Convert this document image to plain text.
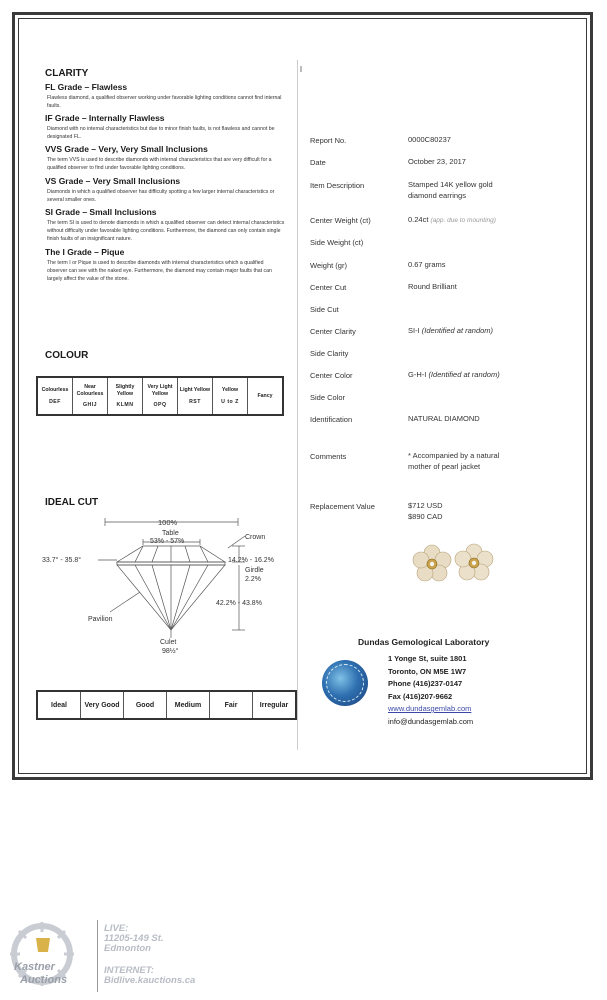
CLARITY
FL Grade – Flawless
Flawless diamond, a qualified observer working under favorable lighting conditions cannot find internal faults.
IF Grade – Internally Flawless
Diamond with no internal characteristics but due to minor finish faults, is not flawless and cannot be designated FL.
VVS Grade – Very, Very Small Inclusions
The term VVS is used to describe diamonds with internal characteristics that are very difficult for a qualified observer to find under favorable lighting conditions.
VS Grade – Very Small Inclusions
Diamonds in which a qualified observer has difficulty spotting a few larger internal characteristics or several smaller ones.
SI Grade – Small Inclusions
The term SI is used to denote diamonds in which a qualified observer can detect internal characteristics without difficulty under favorable lighting conditions. Furthermore, the diamond can only contain single finish faults of an insignificant nature.
The I Grade – Pique
The term I or Pique is used to describe diamonds with internal characteristics which a qualified observer can see with the naked eye. Furthermore, the diamond may contain major faults that can largely affect the value of the stone.
COLOUR
Colourless
DEF

Near Colourless
GHIJ

Slightly Yellow
KLMN

Very Light Yellow
OPQ

Light Yellow
RST

Yellow
U to Z

Fancy
IDEAL CUT
100%
Table
53% - 57%
Crown
33.7° - 35.8°	14.2% - 16.2%
Girdle
2.2%
42.2% - 43.8%
Pavilion
Culet
98½°
Ideal	Very Good	Good	Medium	Fair	Irregular
Report No.	0000C80237
Date	October 23, 2017
Item Description	Stamped 14K yellow gold diamond earrings
Center Weight (ct)	0.24ct (app. due to mounting)
Side Weight (ct)
Weight (gr)	0.67 grams
Center Cut	Round Brilliant
Side Cut
Center Clarity	SI-I (Identified at random)
Side Clarity
Center Color	G-H-I (Identified at random)
Side Color
Identification	NATURAL DIAMOND
Comments	* Accompanied by a natural mother of pearl jacket
Replacement Value	$712 USD
$890 CAD
Dundas Gemological Laboratory
1 Yonge St, suite 1801
Toronto, ON M5E 1W7
Phone (416)237-0147
Fax (416)207-9662
www.dundasgemlab.com
info@dundasgemlab.com
Kastner
Auctions
LIVE:
11205-149 St.
Edmonton
INTERNET:
Bidlive.kauctions.ca
